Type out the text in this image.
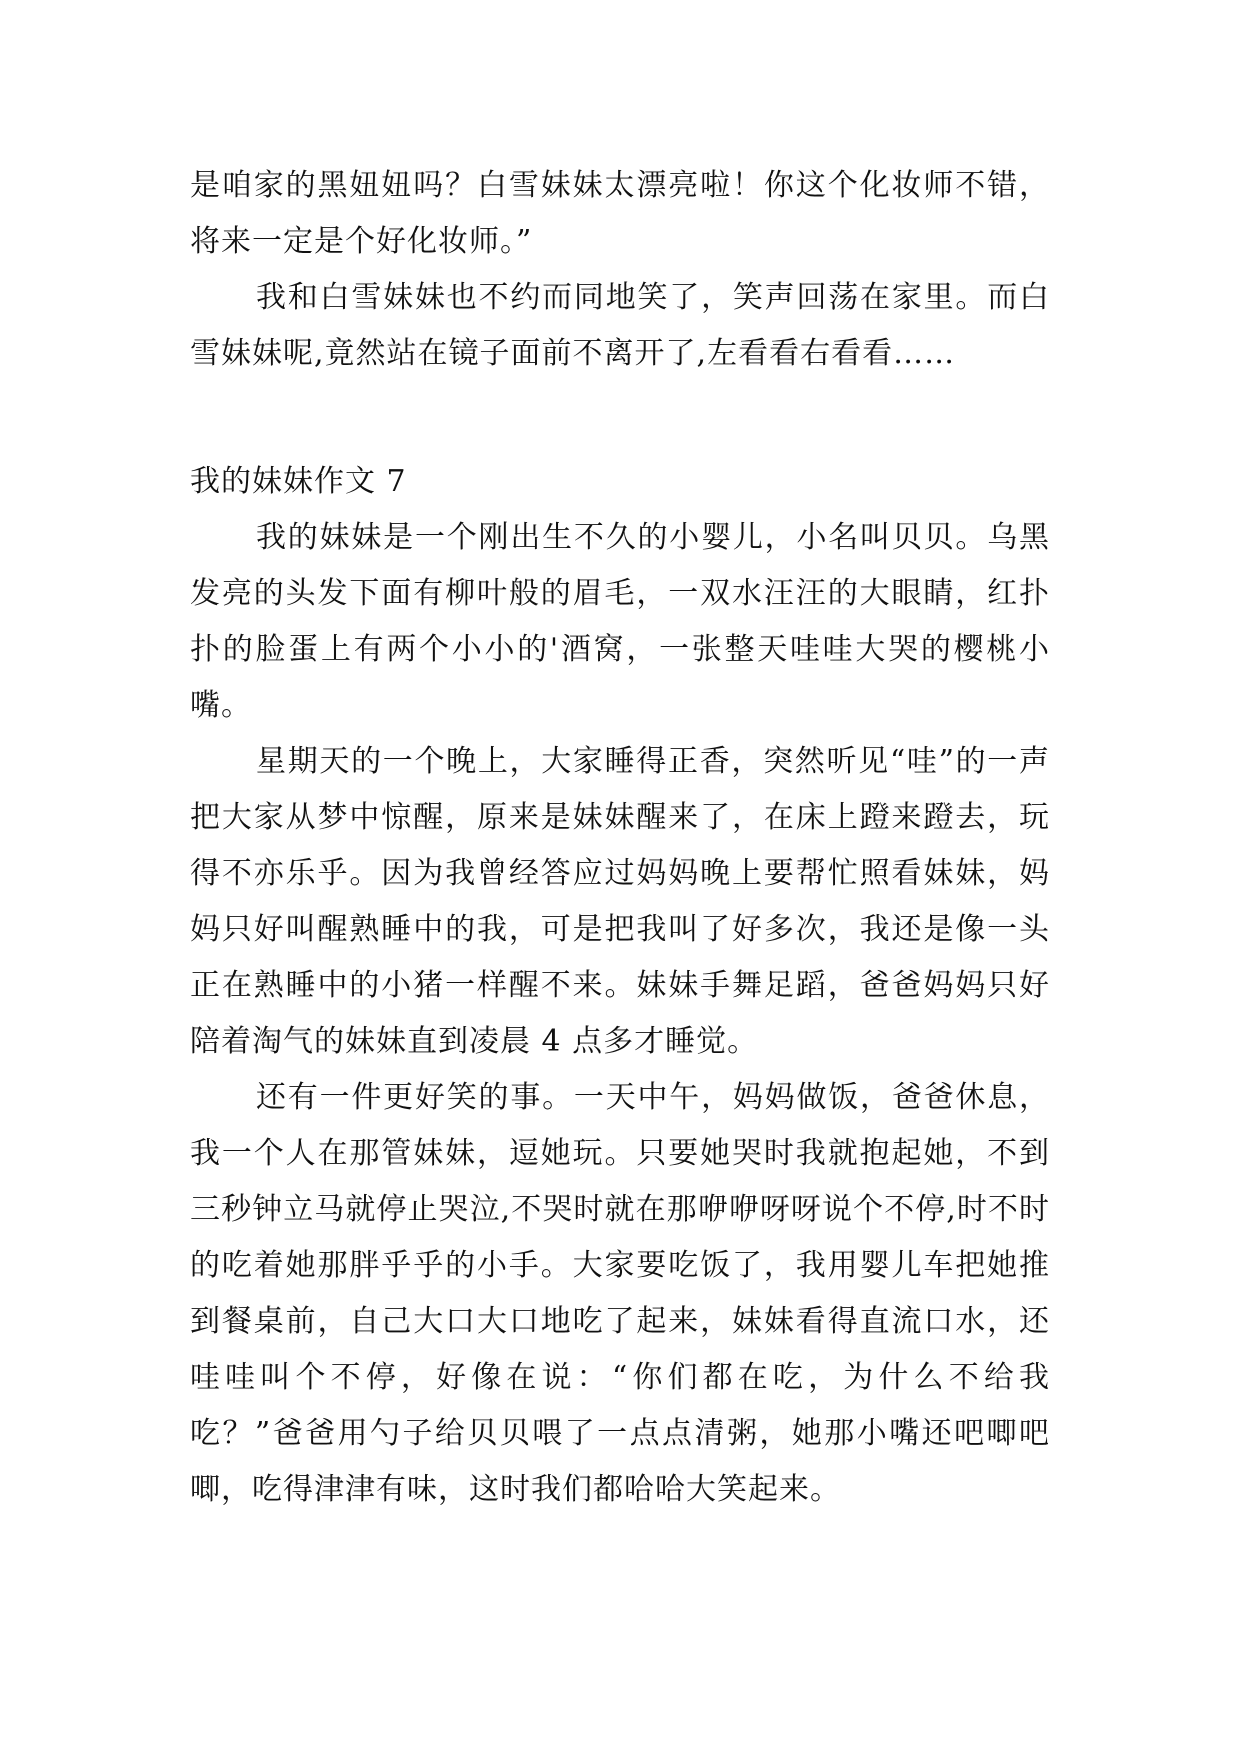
是咱家的黑妞妞吗？白雪妹妹太漂亮啦！你这个化妆师不错，将来一定是个好化妆师。”

我和白雪妹妹也不约而同地笑了，笑声回荡在家里。而白雪妹妹呢,竟然站在镜子面前不离开了,左看看右看看……

我的妹妹作文 7

我的妹妹是一个刚出生不久的小婴儿，小名叫贝贝。乌黑发亮的头发下面有柳叶般的眉毛，一双水汪汪的大眼睛，红扑扑的脸蛋上有两个小小的'酒窝，一张整天哇哇大哭的樱桃小嘴。

星期天的一个晚上，大家睡得正香，突然听见“哇”的一声把大家从梦中惊醒，原来是妹妹醒来了，在床上蹬来蹬去，玩得不亦乐乎。因为我曾经答应过妈妈晚上要帮忙照看妹妹，妈妈只好叫醒熟睡中的我，可是把我叫了好多次，我还是像一头正在熟睡中的小猪一样醒不来。妹妹手舞足蹈，爸爸妈妈只好陪着淘气的妹妹直到凌晨 4 点多才睡觉。

还有一件更好笑的事。一天中午，妈妈做饭，爸爸休息，我一个人在那管妹妹，逗她玩。只要她哭时我就抱起她，不到三秒钟立马就停止哭泣,不哭时就在那咿咿呀呀说个不停,时不时的吃着她那胖乎乎的小手。大家要吃饭了，我用婴儿车把她推到餐桌前，自己大口大口地吃了起来，妹妹看得直流口水，还哇哇叫个不停，好像在说：“你们都在吃，为什么不给我吃？”爸爸用勺子给贝贝喂了一点点清粥，她那小嘴还吧唧吧唧，吃得津津有味，这时我们都哈哈大笑起来。
